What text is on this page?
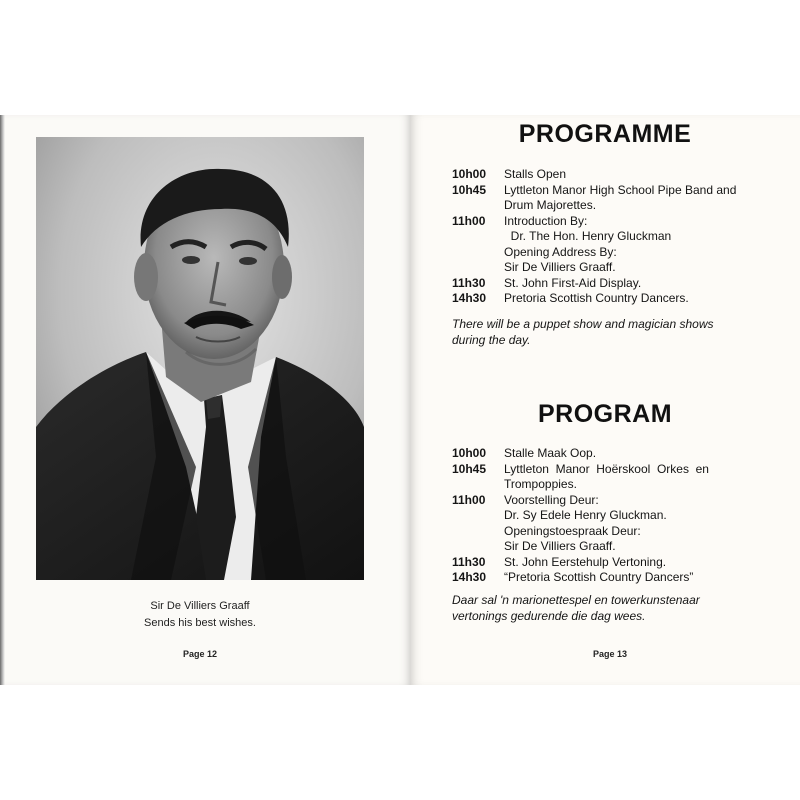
Sir De Villiers Graaff
Sends his best wishes.
Page 12
PROGRAMME
10h00	Stalls Open
10h45	Lyttleton Manor High School Pipe Band and
Drum Majorettes.
11h00	Introduction By:
Dr. The Hon. Henry Gluckman
Opening Address By:
Sir De Villiers Graaff.
11h30	St. John First-Aid Display.
14h30	Pretoria Scottish Country Dancers.
There will be a puppet show and magician shows
during the day.
PROGRAM
10h00	Stalle Maak Oop.
10h45	Lyttleton  Manor  Hoërskool  Orkes  en
Trompoppies.
11h00	Voorstelling Deur:
Dr. Sy Edele Henry Gluckman.
Openingstoespraak Deur:
Sir De Villiers Graaff.
11h30	St. John Eerstehulp Vertoning.
14h30	“Pretoria Scottish Country Dancers”
Daar sal 'n marionettespel en towerkunstenaar
vertonings gedurende die dag wees.
Page 13
